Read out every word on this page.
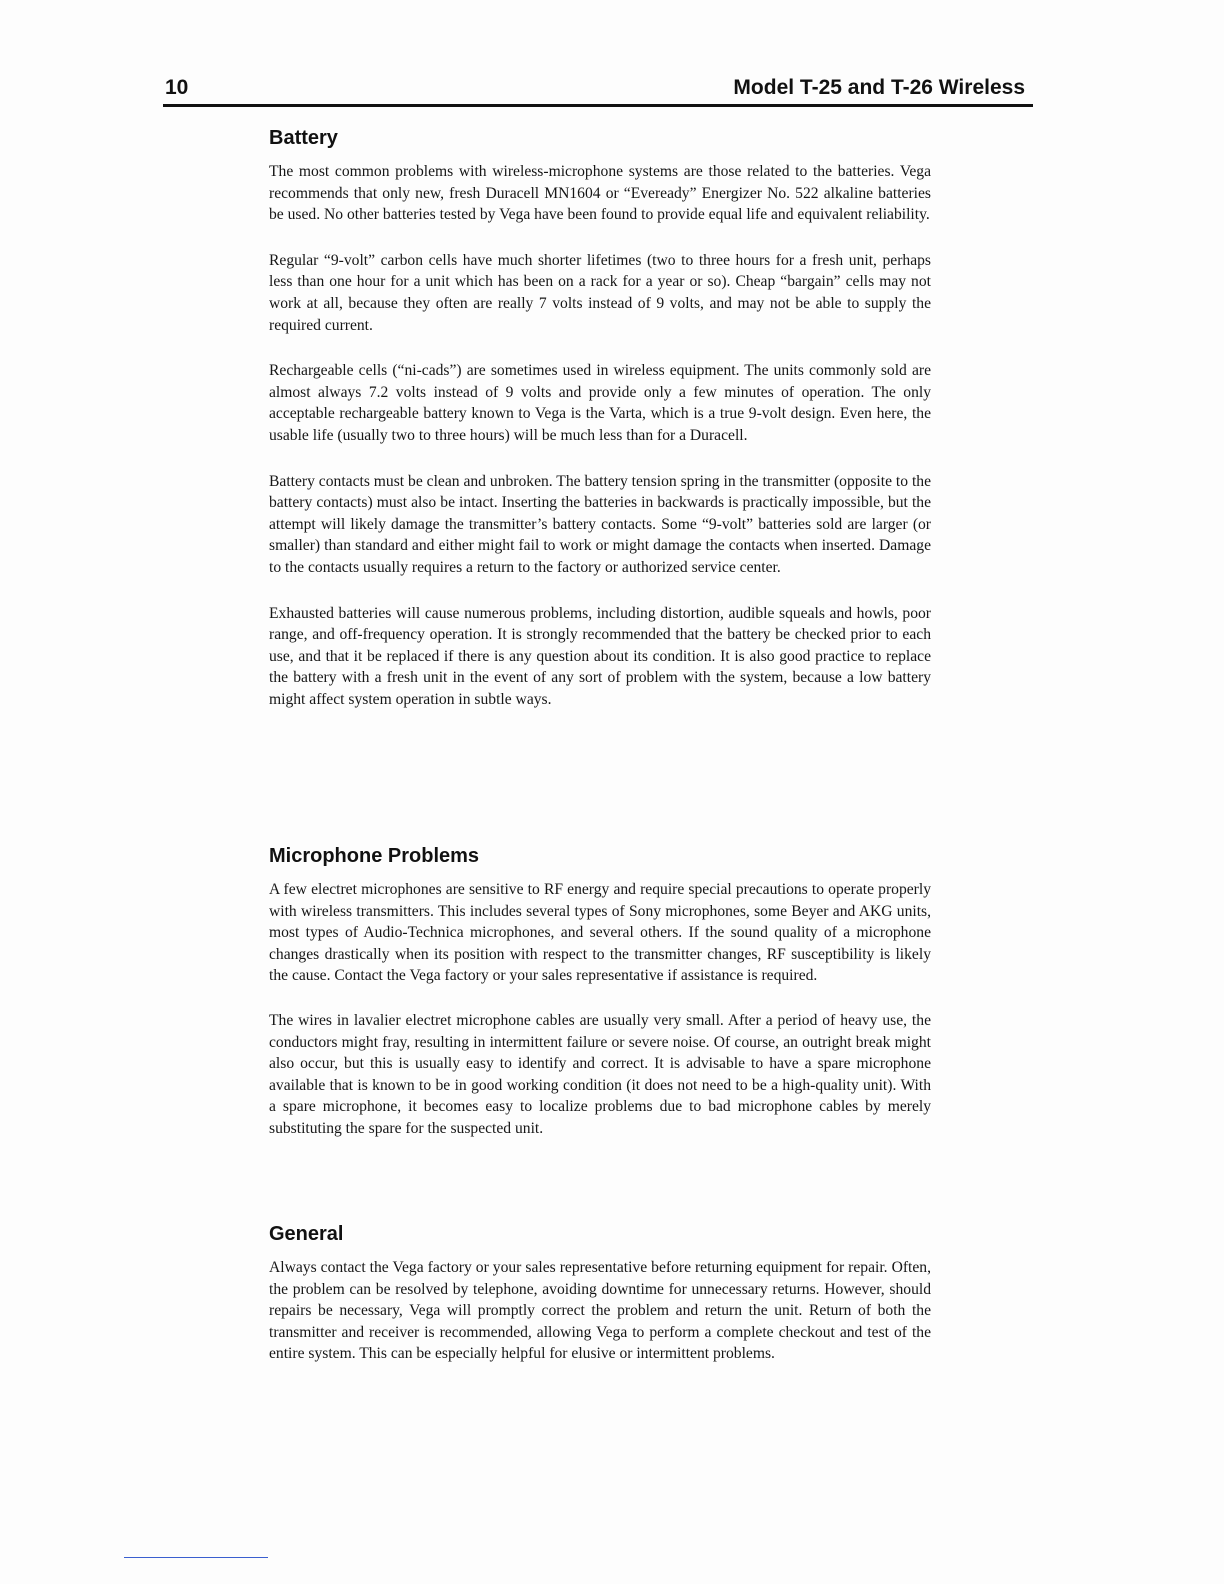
10	Model T-25 and T-26 Wireless
Battery

The most common problems with wireless-microphone systems are those related to the batteries. Vega recommends that only new, fresh Duracell MN1604 or “Eveready” Energizer No. 522 alkaline batteries be used. No other batteries tested by Vega have been found to provide equal life and equivalent reliability.

Regular “9-volt” carbon cells have much shorter lifetimes (two to three hours for a fresh unit, perhaps less than one hour for a unit which has been on a rack for a year or so). Cheap “bargain” cells may not work at all, because they often are really 7 volts instead of 9 volts, and may not be able to supply the required current.

Rechargeable cells (“ni-cads”) are sometimes used in wireless equipment. The units commonly sold are almost always 7.2 volts instead of 9 volts and provide only a few minutes of operation. The only acceptable rechargeable battery known to Vega is the Varta, which is a true 9-volt design. Even here, the usable life (usually two to three hours) will be much less than for a Duracell.

Battery contacts must be clean and unbroken. The battery tension spring in the transmitter (opposite to the battery contacts) must also be intact. Inserting the batteries in backwards is practically impossible, but the attempt will likely damage the transmitter’s battery contacts. Some “9-volt” batteries sold are larger (or smaller) than standard and either might fail to work or might damage the contacts when inserted. Damage to the contacts usually requires a return to the factory or authorized service center.

Exhausted batteries will cause numerous problems, including distortion, audible squeals and howls, poor range, and off-frequency operation. It is strongly recommended that the battery be checked prior to each use, and that it be replaced if there is any question about its condition. It is also good practice to replace the battery with a fresh unit in the event of any sort of problem with the system, because a low battery might affect system operation in subtle ways.

Microphone Problems

A few electret microphones are sensitive to RF energy and require special precautions to operate properly with wireless transmitters. This includes several types of Sony microphones, some Beyer and AKG units, most types of Audio-Technica microphones, and several others. If the sound quality of a microphone changes drastically when its position with respect to the transmitter changes, RF susceptibility is likely the cause. Contact the Vega factory or your sales representative if assistance is required.

The wires in lavalier electret microphone cables are usually very small. After a period of heavy use, the conductors might fray, resulting in intermittent failure or severe noise. Of course, an outright break might also occur, but this is usually easy to identify and correct. It is advisable to have a spare microphone available that is known to be in good working condition (it does not need to be a high-quality unit). With a spare microphone, it becomes easy to localize problems due to bad microphone cables by merely substituting the spare for the suspected unit.

General

Always contact the Vega factory or your sales representative before returning equipment for repair. Often, the problem can be resolved by telephone, avoiding downtime for unnecessary returns. However, should repairs be necessary, Vega will promptly correct the problem and return the unit. Return of both the transmitter and receiver is recommended, allowing Vega to perform a complete checkout and test of the entire system. This can be especially helpful for elusive or intermittent problems.
